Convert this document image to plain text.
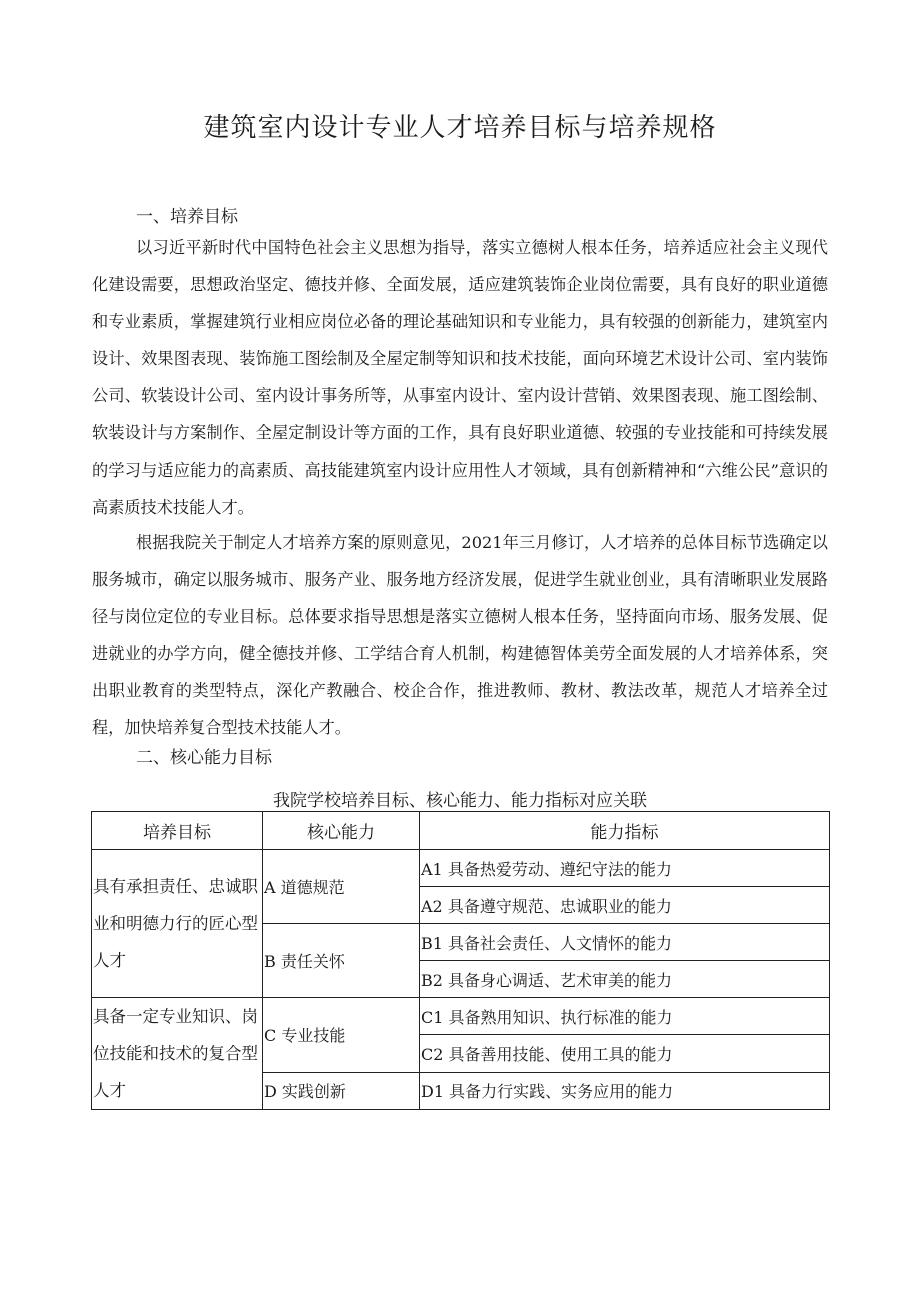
建筑室内设计专业人才培养目标与培养规格
一、培养目标

以习近平新时代中国特色社会主义思想为指导，落实立德树人根本任务，培养适应社会主义现代化建设需要，思想政治坚定、德技并修、全面发展，适应建筑装饰企业岗位需要，具有良好的职业道德和专业素质，掌握建筑行业相应岗位必备的理论基础知识和专业能力，具有较强的创新能力，建筑室内设计、效果图表现、装饰施工图绘制及全屋定制等知识和技术技能，面向环境艺术设计公司、室内装饰公司、软装设计公司、室内设计事务所等，从事室内设计、室内设计营销、效果图表现、施工图绘制、软装设计与方案制作、全屋定制设计等方面的工作，具有良好职业道德、较强的专业技能和可持续发展的学习与适应能力的高素质、高技能建筑室内设计应用性人才领域，具有创新精神和“六维公民”意识的高素质技术技能人才。

根据我院关于制定人才培养方案的原则意见，2021年三月修订，人才培养的总体目标节选确定以服务城市，确定以服务城市、服务产业、服务地方经济发展，促进学生就业创业，具有清晰职业发展路径与岗位定位的专业目标。总体要求指导思想是落实立德树人根本任务，坚持面向市场、服务发展、促进就业的办学方向，健全德技并修、工学结合育人机制，构建德智体美劳全面发展的人才培养体系，突出职业教育的类型特点，深化产教融合、校企合作，推进教师、教材、教法改革，规范人才培养全过程，加快培养复合型技术技能人才。

二、核心能力目标
我院学校培养目标、核心能力、能力指标对应关联
培养目标	核心能力	能力指标
具有承担责任、忠诚职业和明德力行的匠心型人才	A 道德规范	A1 具备热爱劳动、遵纪守法的能力
		A2 具备遵守规范、忠诚职业的能力
	B 责任关怀	B1 具备社会责任、人文情怀的能力
		B2 具备身心调适、艺术审美的能力
具备一定专业知识、岗位技能和技术的复合型人才	C 专业技能	C1 具备熟用知识、执行标准的能力
		C2 具备善用技能、使用工具的能力
	D 实践创新	D1 具备力行实践、实务应用的能力
